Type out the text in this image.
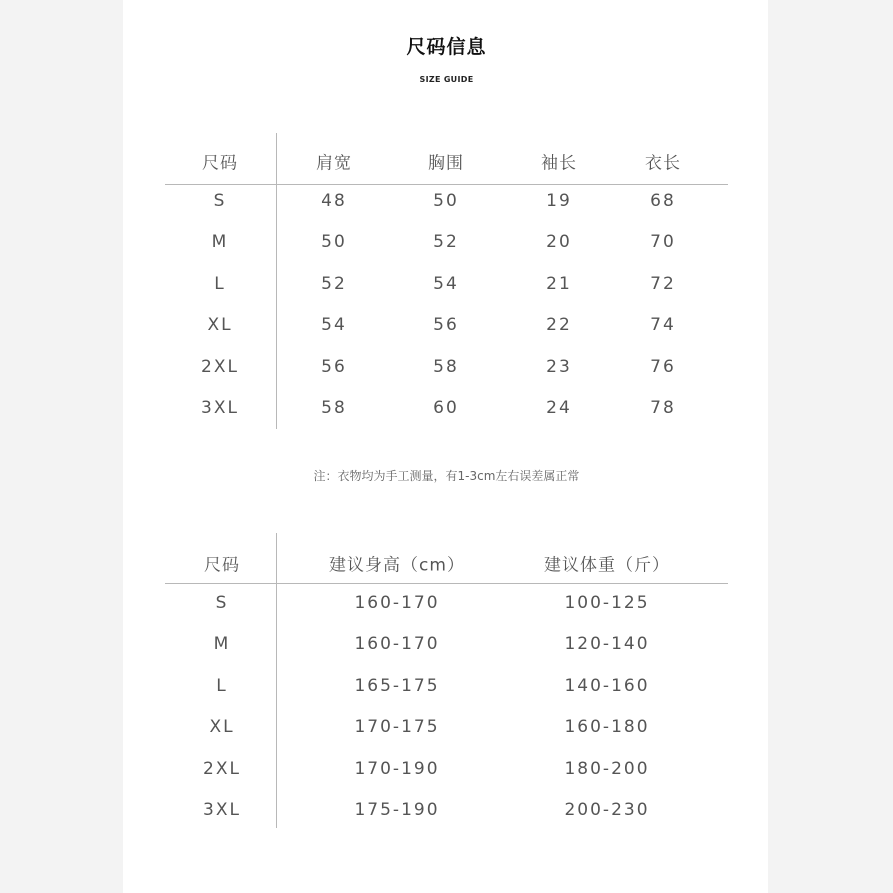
尺码信息
SIZE GUIDE
尺码	肩宽	胸围	袖长	衣长
S	48	50	19	68
M	50	52	20	70
L	52	54	21	72
XL	54	56	22	74
2XL	56	58	23	76
3XL	58	60	24	78
注：衣物均为手工测量，有1-3cm左右误差属正常
尺码	建议身高（cm）	建议体重（斤）
S	160-170	100-125
M	160-170	120-140
L	165-175	140-160
XL	170-175	160-180
2XL	170-190	180-200
3XL	175-190	200-230
